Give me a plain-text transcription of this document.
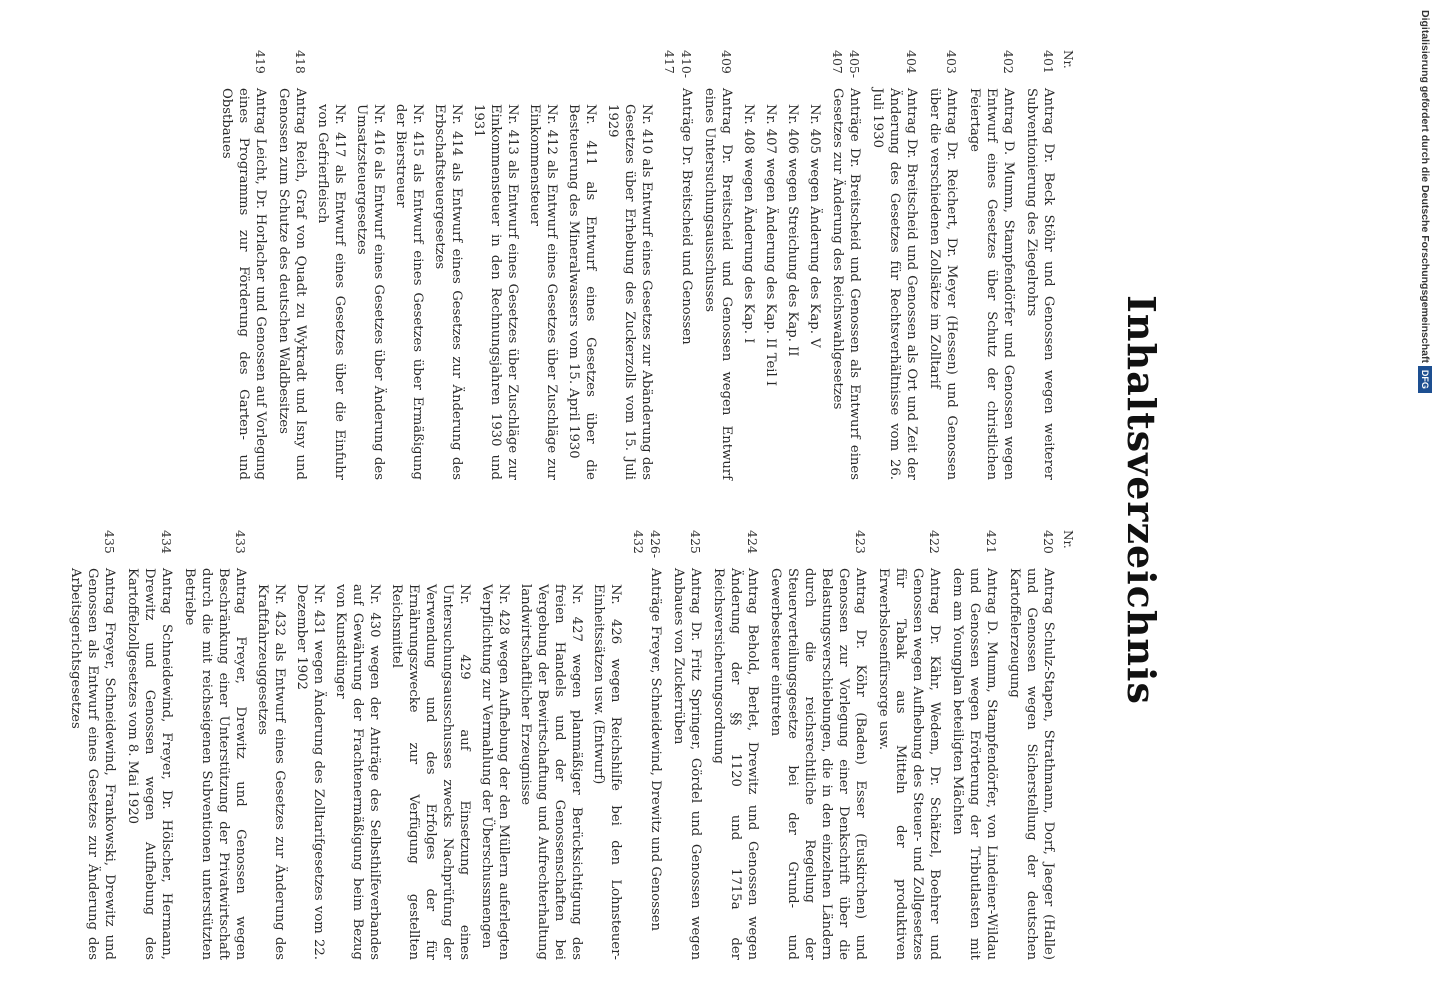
Inhaltsverzeichnis
Nr.
401
Antrag Dr. Beck Stöhr und Genossen wegen weiterer Subventionierung des Ziegelrohrs
402
Antrag D. Mumm, Stampfendörfer und Genossen wegen Entwurf eines Gesetzes über Schutz der christlichen Feiertage
403
Antrag Dr. Reichert, Dr. Meyer (Hessen) und Genossen über die verschiedenen Zollsätze im Zolltarif
404
Antrag Dr. Breitscheid und Genossen als Ort und Zeit der Änderung des Gesetzes für Rechtsverhältnisse vom 26. Juli 1930
405-407
Anträge Dr. Breitscheid und Genossen als Entwurf eines Gesetzes zur Änderung des Reichswahlgesetzes
Nr. 405 wegen Änderung des Kap. V
Nr. 406 wegen Streichung des Kap. II
Nr. 407 wegen Änderung des Kap. II Teil I
Nr. 408 wegen Änderung des Kap. I
409
Antrag Dr. Breitscheid und Genossen wegen Entwurf eines Untersuchungsausschusses
410-417
Anträge Dr. Breitscheid und Genossen
Nr. 410 als Entwurf eines Gesetzes zur Abänderung des Gesetzes über Erhebung des Zuckerzolls vom 15. Juli 1929
Nr. 411 als Entwurf eines Gesetzes über die Besteuerung des Mineralwassers vom 15. April 1930
Nr. 412 als Entwurf eines Gesetzes über Zuschläge zur Einkommensteuer
Nr. 413 als Entwurf eines Gesetzes über Zuschläge zur Einkommensteuer in den Rechnungsjahren 1930 und 1931
Nr. 414 als Entwurf eines Gesetzes zur Änderung des Erbschaftsteuergesetzes
Nr. 415 als Entwurf eines Gesetzes über Ermäßigung der Bierstreuer
Nr. 416 als Entwurf eines Gesetzes über Änderung des Umsatzsteuergesetzes
Nr. 417 als Entwurf eines Gesetzes über die Einfuhr von Gefrierfleisch
418
Antrag Reich, Graf von Quadt zu Wykradt und Isny und Genossen zum Schutze des deutschen Waldbesitzes
419
Antrag Leicht, Dr. Horlacher und Genossen auf Vorlegung eines Programms zur Förderung des Garten- und Obstbaues
Nr.
420
Antrag Schulz-Stapen, Strathmann, Dorf, Jaeger (Halle) und Genossen wegen Sicherstellung der deutschen Kartoffelerzeugung
421
Antrag D. Mumm, Stampfendörfer, von Lindeiner-Wildau und Genossen wegen Erörterung der Tributlasten mit dem am Youngplan beteiligten Mächten
422
Antrag Dr. Kähr, Wedem, Dr. Schätzel, Boehrer und Genossen wegen Aufhebung des Steuer- und Zollgesetzes für Tabak aus Mitteln der produktiven Erwerbslosenfürsorge usw.
423
Antrag Dr. Köhr (Baden) Esser (Euskirchen) und Genossen zur Vorlegung einer Denkschrift über die Belastungsverschiebungen, die in den einzelnen Ländern durch die reichsrechtliche Regelung der Steuerverteilungsgesetze bei der Grund- und Gewerbesteuer eintreten
424
Antrag Behold, Berlet, Drewitz und Genossen wegen Änderung der §§ 1120 und 1715a der Reichsversicherungsordnung
425
Antrag Dr. Fritz Springer, Gördel und Genossen wegen Anbaues von Zuckerrüben
426-432
Anträge Freyer, Schneidewind, Drewitz und Genossen
Nr. 426 wegen Reichshilfe bei den Lohnsteuer-Einheitssätzen usw. (Entwurf)
Nr. 427 wegen planmäßiger Berücksichtigung des freien Handels und der Genossenschaften bei Vergebung der Bewirtschaftung und Aufrechterhaltung landwirtschaftlicher Erzeugnisse
Nr. 428 wegen Aufhebung der den Müllern auferlegten Verpflichtung zur Vermahlung der Überschussmengen
Nr. 429 auf Einsetzung eines Untersuchungsausschusses zwecks Nachprüfung der Verwendung und des Erfolges der für Ernährungszwecke zur Verfügung gestellten Reichsmittel
Nr. 430 wegen der Anträge des Selbsthilfeverbandes auf Gewährung der Frachtenermäßigung beim Bezug von Kunstdünger
Nr. 431 wegen Änderung des Zolltarifgesetzes vom 22. Dezember 1902
Nr. 432 als Entwurf eines Gesetzes zur Änderung des Kraftfahrzeuggesetzes
433
Antrag Freyer, Drewitz und Genossen wegen Beschränkung einer Unterstützung der Privatwirtschaft durch die mit reichseigenen Subventionen unterstützten Betriebe
434
Antrag Schneidewind, Freyer, Dr. Hölscher, Hermann, Drewitz und Genossen wegen Aufhebung des Kartoffelzollgesetzes vom 8. Mai 1920
435
Antrag Freyer, Schneidewind, Frankowski, Drewitz und Genossen als Entwurf eines Gesetzes zur Änderung des Arbeitsgerichtsgesetzes
Digitalisierung gefördert durch die Deutsche Forschungsgemeinschaft DFG
